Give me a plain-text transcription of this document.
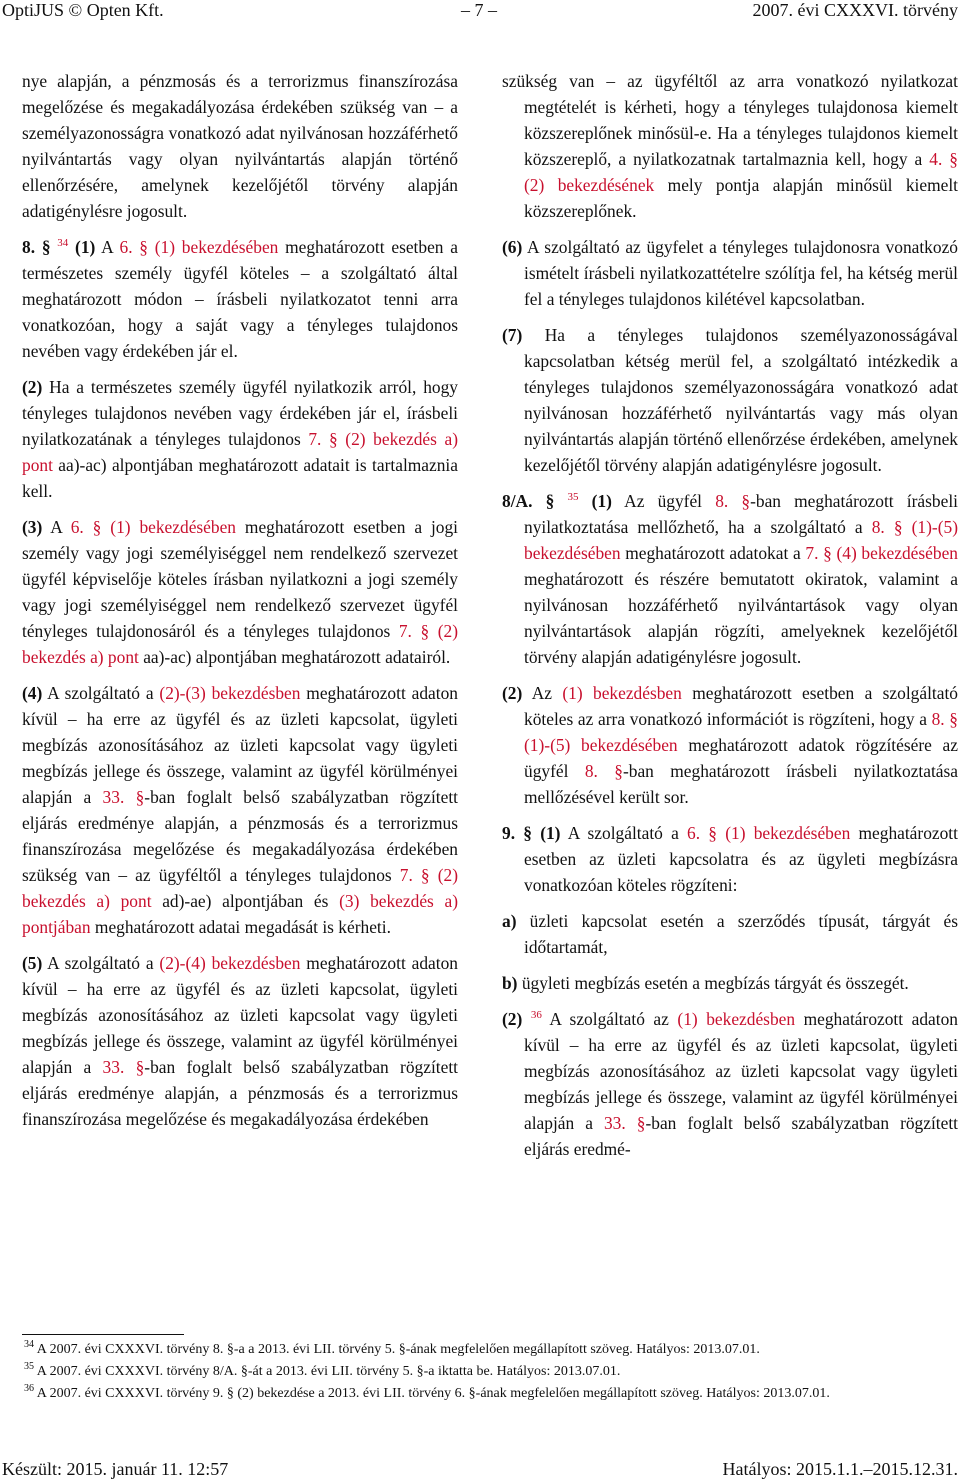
OptiJUS © Opten Kft.	– 7 –	2007. évi CXXXVI. törvény

nye alapján, a pénzmosás és a terrorizmus finanszírozása megelőzése és megakadályozása érdekében szükség van – a személyazonosságra vonatkozó adat nyilvánosan hozzáférhető nyilvántartás vagy olyan nyilvántartás alapján történő ellenőrzésére, amelynek kezelőjétől törvény alapján adatigénylésre jogosult.

8. § $^{34}$ (1) A 6. § (1) bekezdésében meghatározott esetben a természetes személy ügyfél köteles – a szolgáltató által meghatározott módon – írásbeli nyilatkozatot tenni arra vonatkozóan, hogy a saját vagy a tényleges tulajdonos nevében vagy érdekében jár el.

(2) Ha a természetes személy ügyfél nyilatkozik arról, hogy tényleges tulajdonos nevében vagy érdekében jár el, írásbeli nyilatkozatának a tényleges tulajdonos 7. § (2) bekezdés a) pont aa)-ac) alpontjában meghatározott adatait is tartalmaznia kell.

(3) A 6. § (1) bekezdésében meghatározott esetben a jogi személy vagy jogi személyiséggel nem rendelkező szervezet ügyfél képviselője köteles írásban nyilatkozni a jogi személy vagy jogi személyiséggel nem rendelkező szervezet ügyfél tényleges tulajdonosáról és a tényleges tulajdonos 7. § (2) bekezdés a) pont aa)-ac) alpontjában meghatározott adatairól.

(4) A szolgáltató a (2)-(3) bekezdésben meghatározott adaton kívül – ha erre az ügyfél és az üzleti kapcsolat, ügyleti megbízás azonosításához az üzleti kapcsolat vagy ügyleti megbízás jellege és összege, valamint az ügyfél körülményei alapján a 33. §-ban foglalt belső szabályzatban rögzített eljárás eredménye alapján, a pénzmosás és a terrorizmus finanszírozása megelőzése és megakadályozása érdekében szükség van – az ügyféltől a tényleges tulajdonos 7. § (2) bekezdés a) pont ad)-ae) alpontjában és (3) bekezdés a) pontjában meghatározott adatai megadását is kérheti.

(5) A szolgáltató a (2)-(4) bekezdésben meghatározott adaton kívül – ha erre az ügyfél és az üzleti kapcsolat, ügyleti megbízás azonosításához az üzleti kapcsolat vagy ügyleti megbízás jellege és összege, valamint az ügyfél körülményei alapján a 33. §-ban foglalt belső szabályzatban rögzített eljárás eredménye alapján, a pénzmosás és a terrorizmus finanszírozása megelőzése és megakadályozása érdekében

szükség van – az ügyféltől az arra vonatkozó nyilatkozat megtételét is kérheti, hogy a tényleges tulajdonosa kiemelt közszereplőnek minősül-e. Ha a tényleges tulajdonos kiemelt közszereplő, a nyilatkozatnak tartalmaznia kell, hogy a 4. § (2) bekezdésének mely pontja alapján minősül kiemelt közszereplőnek.

(6) A szolgáltató az ügyfelet a tényleges tulajdonosra vonatkozó ismételt írásbeli nyilatkozattételre szólítja fel, ha kétség merül fel a tényleges tulajdonos kilétével kapcsolatban.

(7) Ha a tényleges tulajdonos személyazonosságával kapcsolatban kétség merül fel, a szolgáltató intézkedik a tényleges tulajdonos személyazonosságára vonatkozó adat nyilvánosan hozzáférhető nyilvántartás vagy más olyan nyilvántartás alapján történő ellenőrzése érdekében, amelynek kezelőjétől törvény alapján adatigénylésre jogosult.

8/A. § $^{35}$ (1) Az ügyfél 8. §-ban meghatározott írásbeli nyilatkoztatása mellőzhető, ha a szolgáltató a 8. § (1)-(5) bekezdésében meghatározott adatokat a 7. § (4) bekezdésében meghatározott és részére bemutatott okiratok, valamint a nyilvánosan hozzáférhető nyilvántartások vagy olyan nyilvántartások alapján rögzíti, amelyeknek kezelőjétől törvény alapján adatigénylésre jogosult.

(2) Az (1) bekezdésben meghatározott esetben a szolgáltató köteles az arra vonatkozó információt is rögzíteni, hogy a 8. § (1)-(5) bekezdésében meghatározott adatok rögzítésére az ügyfél 8. §-ban meghatározott írásbeli nyilatkoztatása mellőzésével került sor.

9. § (1) A szolgáltató a 6. § (1) bekezdésében meghatározott esetben az üzleti kapcsolatra és az ügyleti megbízásra vonatkozóan köteles rögzíteni:

a) üzleti kapcsolat esetén a szerződés típusát, tárgyát és időtartamát,

b) ügyleti megbízás esetén a megbízás tárgyát és összegét.

(2) $^{36}$ A szolgáltató az (1) bekezdésben meghatározott adaton kívül – ha erre az ügyfél és az üzleti kapcsolat, ügyleti megbízás azonosításához az üzleti kapcsolat vagy ügyleti megbízás jellege és összege, valamint az ügyfél körülményei alapján a 33. §-ban foglalt belső szabályzatban rögzített eljárás eredmé-

$^{34}$ A 2007. évi CXXXVI. törvény 8. §-a a 2013. évi LII. törvény 5. §-ának megfelelően megállapított szöveg. Hatályos: 2013.07.01.
$^{35}$ A 2007. évi CXXXVI. törvény 8/A. §-át a 2013. évi LII. törvény 5. §-a iktatta be. Hatályos: 2013.07.01.
$^{36}$ A 2007. évi CXXXVI. törvény 9. § (2) bekezdése a 2013. évi LII. törvény 6. §-ának megfelelően megállapított szöveg. Hatályos: 2013.07.01.
Készült: 2015. január 11. 12:57	Hatályos: 2015.1.1.–2015.12.31.
